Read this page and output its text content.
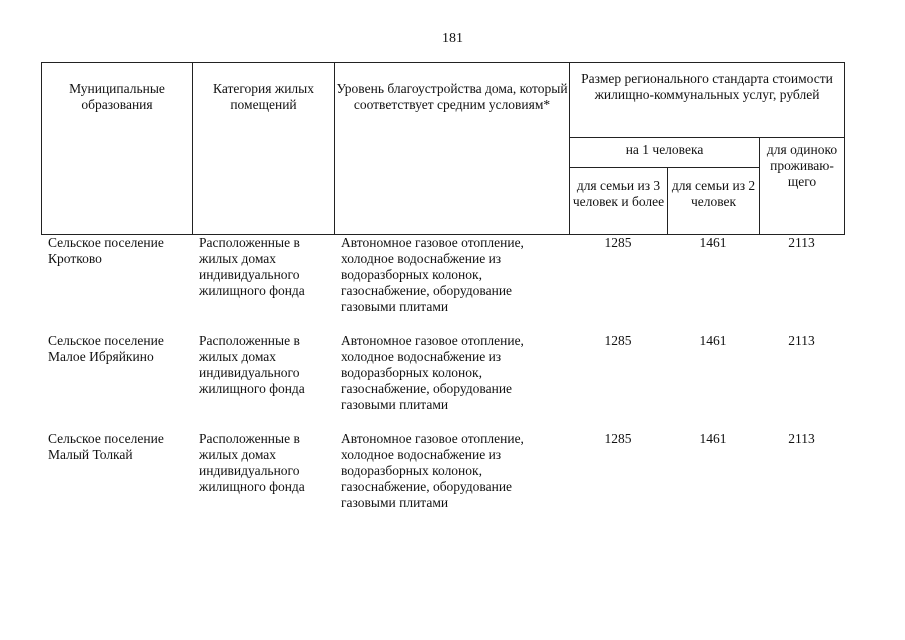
181
Муниципальные образования	Категория жилых помещений	Уровень благоустройства дома, который соответствует средним условиям*	Размер регионального стандарта стоимости жилищно-коммунальных услуг, рублей		
			на 1 человека		для одиноко проживаю-щего
			для семьи из 3 человек и более	для семьи из 2 человек	
Сельское поселение Кротково	Расположенные в жилых домах индивидуального жилищного фонда	Автономное газовое отопление, холодное водоснабжение из водоразборных колонок, газоснабжение, оборудование газовыми плитами	1285	1461	2113
Сельское поселение Малое Ибряйкино	Расположенные в жилых домах индивидуального жилищного фонда	Автономное газовое отопление, холодное водоснабжение из водоразборных колонок, газоснабжение, оборудование газовыми плитами	1285	1461	2113
Сельское поселение Малый Толкай	Расположенные в жилых домах индивидуального жилищного фонда	Автономное газовое отопление, холодное водоснабжение из водоразборных колонок, газоснабжение, оборудование газовыми плитами	1285	1461	2113
